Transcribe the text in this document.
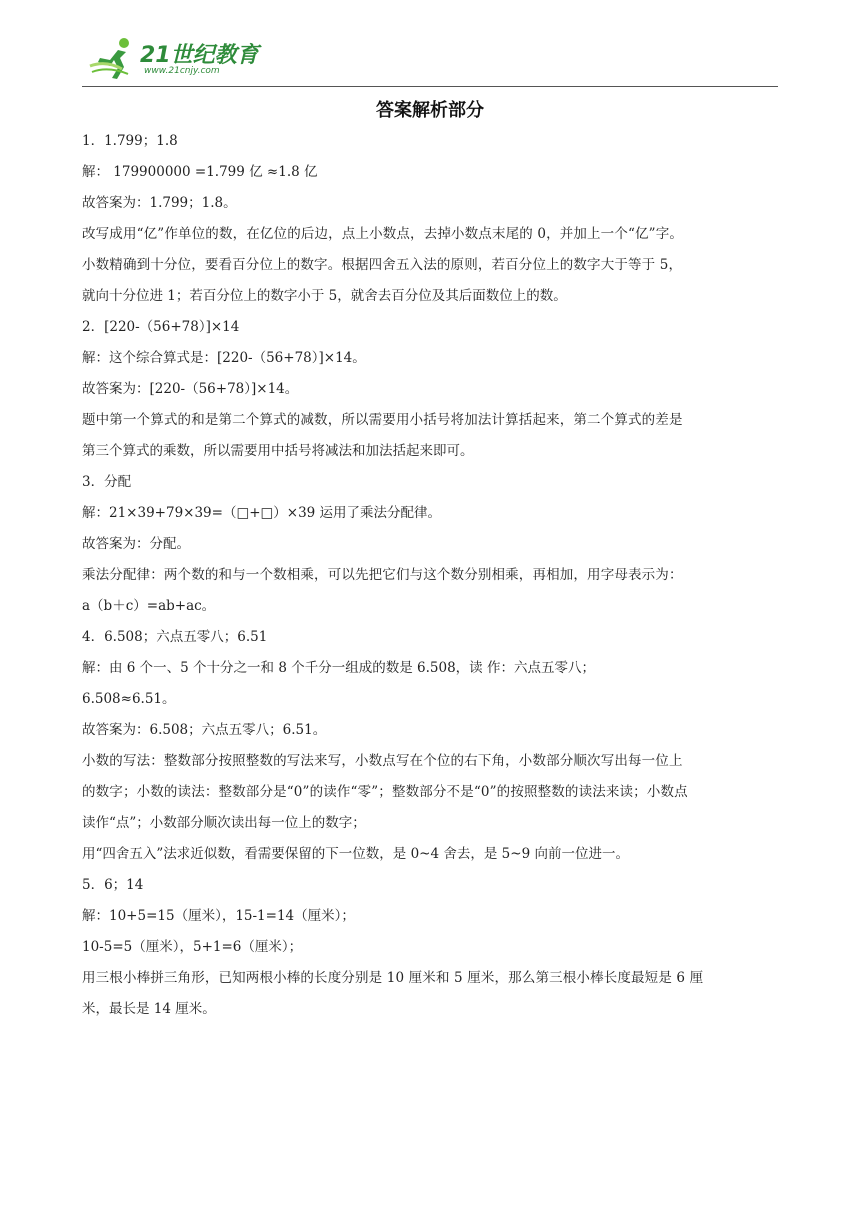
21世纪教育
www.21cnjy.com
答案解析部分
1．1.799；1.8
解： 179900000 =1.799 亿 ≈1.8 亿
故答案为：1.799；1.8。
改写成用“亿”作单位的数，在亿位的后边，点上小数点，去掉小数点末尾的 0，并加上一个“亿”字。
小数精确到十分位，要看百分位上的数字。根据四舍五入法的原则，若百分位上的数字大于等于 5，
就向十分位进 1；若百分位上的数字小于 5，就舍去百分位及其后面数位上的数。
2．[220-（56+78）]×14
解：这个综合算式是：[220-（56+78）]×14。
故答案为：[220-（56+78）]×14。
题中第一个算式的和是第二个算式的减数，所以需要用小括号将加法计算括起来，第二个算式的差是
第三个算式的乘数，所以需要用中括号将减法和加法括起来即可。
3．分配
解：21×39+79×39=（□+□）×39 运用了乘法分配律。
故答案为：分配。
乘法分配律：两个数的和与一个数相乘，可以先把它们与这个数分别相乘，再相加，用字母表示为：
a（b＋c）=ab+ac。
4．6.508；六点五零八；6.51
解：由 6 个一、5 个十分之一和 8 个千分一组成的数是 6.508，读 作：六点五零八；
6.508≈6.51。
故答案为：6.508；六点五零八；6.51。
小数的写法：整数部分按照整数的写法来写，小数点写在个位的右下角，小数部分顺次写出每一位上
的数字；小数的读法：整数部分是“0”的读作“零”；整数部分不是“0”的按照整数的读法来读；小数点
读作“点”；小数部分顺次读出每一位上的数字；
用“四舍五入”法求近似数，看需要保留的下一位数，是 0~4 舍去，是 5~9 向前一位进一。
5．6；14
解：10+5=15（厘米），15-1=14（厘米）；
10-5=5（厘米），5+1=6（厘米）；
用三根小棒拼三角形，已知两根小棒的长度分别是 10 厘米和 5 厘米，那么第三根小棒长度最短是 6 厘
米，最长是 14 厘米。
